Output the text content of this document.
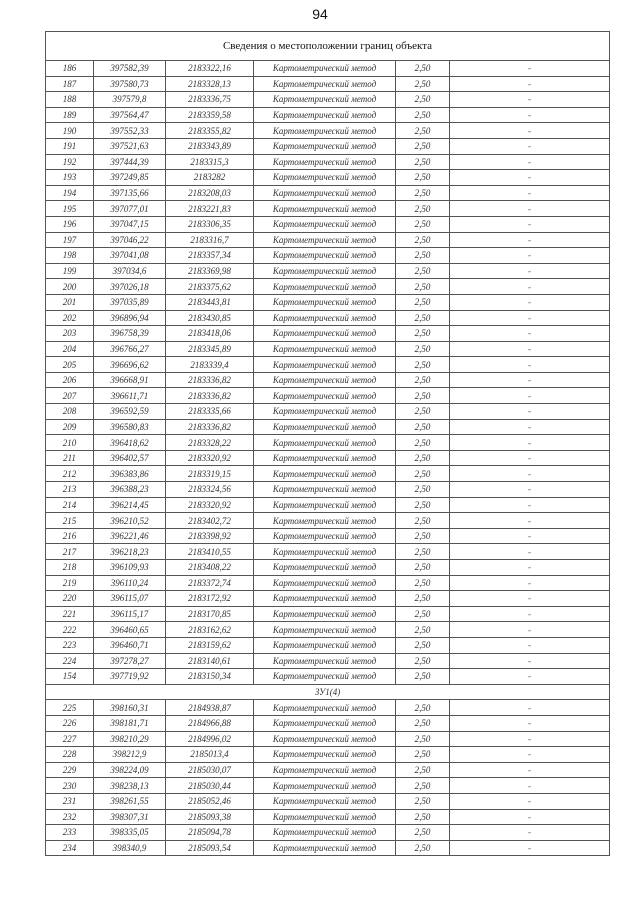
94
Сведения о местоположении границ объекта					
186	397582,39	2183322,16	Картометрический метод	2,50	-
187	397580,73	2183328,13	Картометрический метод	2,50	-
188	397579,8	2183336,75	Картометрический метод	2,50	-
189	397564,47	2183359,58	Картометрический метод	2,50	-
190	397552,33	2183355,82	Картометрический метод	2,50	-
191	397521,63	2183343,89	Картометрический метод	2,50	-
192	397444,39	2183315,3	Картометрический метод	2,50	-
193	397249,85	2183282	Картометрический метод	2,50	-
194	397135,66	2183208,03	Картометрический метод	2,50	-
195	397077,01	2183221,83	Картометрический метод	2,50	-
196	397047,15	2183306,35	Картометрический метод	2,50	-
197	397046,22	2183316,7	Картометрический метод	2,50	-
198	397041,08	2183357,34	Картометрический метод	2,50	-
199	397034,6	2183369,98	Картометрический метод	2,50	-
200	397026,18	2183375,62	Картометрический метод	2,50	-
201	397035,89	2183443,81	Картометрический метод	2,50	-
202	396896,94	2183430,85	Картометрический метод	2,50	-
203	396758,39	2183418,06	Картометрический метод	2,50	-
204	396766,27	2183345,89	Картометрический метод	2,50	-
205	396696,62	2183339,4	Картометрический метод	2,50	-
206	396668,91	2183336,82	Картометрический метод	2,50	-
207	396611,71	2183336,82	Картометрический метод	2,50	-
208	396592,59	2183335,66	Картометрический метод	2,50	-
209	396580,83	2183336,82	Картометрический метод	2,50	-
210	396418,62	2183328,22	Картометрический метод	2,50	-
211	396402,57	2183320,92	Картометрический метод	2,50	-
212	396383,86	2183319,15	Картометрический метод	2,50	-
213	396388,23	2183324,56	Картометрический метод	2,50	-
214	396214,45	2183320,92	Картометрический метод	2,50	-
215	396210,52	2183402,72	Картометрический метод	2,50	-
216	396221,46	2183398,92	Картометрический метод	2,50	-
217	396218,23	2183410,55	Картометрический метод	2,50	-
218	396109,93	2183408,22	Картометрический метод	2,50	-
219	396110,24	2183372,74	Картометрический метод	2,50	-
220	396115,07	2183172,92	Картометрический метод	2,50	-
221	396115,17	2183170,85	Картометрический метод	2,50	-
222	396460,65	2183162,62	Картометрический метод	2,50	-
223	396460,71	2183159,62	Картометрический метод	2,50	-
224	397278,27	2183140,61	Картометрический метод	2,50	-
154	397719,92	2183150,34	Картометрический метод	2,50	-
ЗУ1(4)					
225	398160,31	2184938,87	Картометрический метод	2,50	-
226	398181,71	2184966,88	Картометрический метод	2,50	-
227	398210,29	2184996,02	Картометрический метод	2,50	-
228	398212,9	2185013,4	Картометрический метод	2,50	-
229	398224,09	2185030,07	Картометрический метод	2,50	-
230	398238,13	2185030,44	Картометрический метод	2,50	-
231	398261,55	2185052,46	Картометрический метод	2,50	-
232	398307,31	2185093,38	Картометрический метод	2,50	-
233	398335,05	2185094,78	Картометрический метод	2,50	-
234	398340,9	2185093,54	Картометрический метод	2,50	-
